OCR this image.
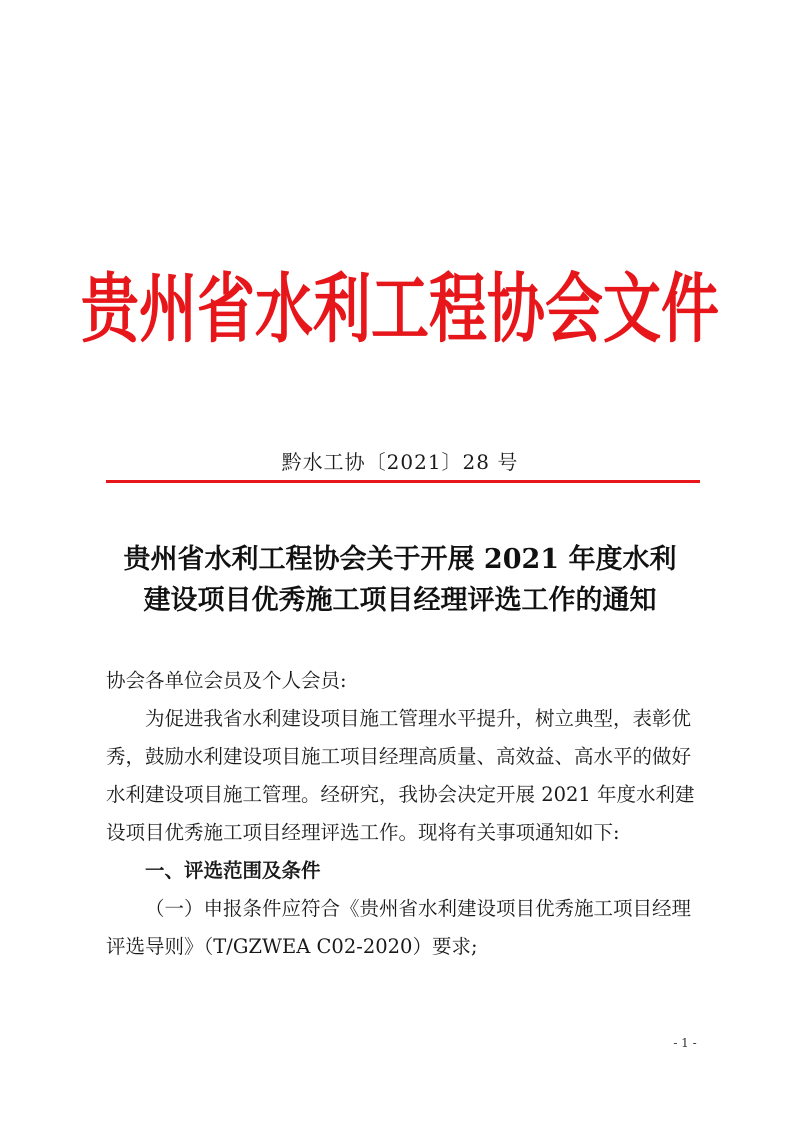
贵州省水利工程协会文件
黔水工协〔2021〕28 号
贵州省水利工程协会关于开展 2021 年度水利
建设项目优秀施工项目经理评选工作的通知

协会各单位会员及个人会员:

为促进我省水利建设项目施工管理水平提升，树立典型，表彰优秀，鼓励水利建设项目施工项目经理高质量、高效益、高水平的做好水利建设项目施工管理。经研究，我协会决定开展 2021 年度水利建设项目优秀施工项目经理评选工作。现将有关事项通知如下:

一、评选范围及条件

（一）申报条件应符合《贵州省水利建设项目优秀施工项目经理评选导则》（T/GZWEA C02-2020）要求;

- 1 -
